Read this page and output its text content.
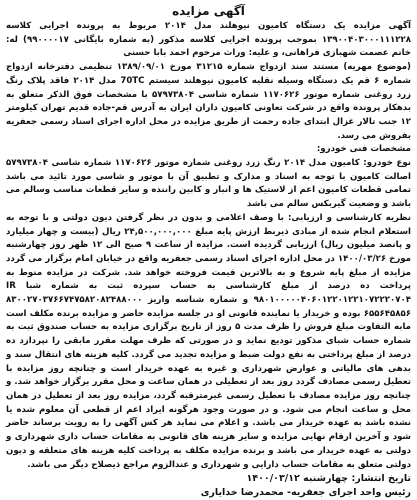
آگهی مزایده

آگهی مزایده یک دستگاه کامیون نیوهلند مدل ۲۰۱۴ مربوط به پرونده اجرایی کلاسه ۱۳۹۰۰۴۰۳۰۰۰۱۱۱۲۲۸ بموجب پرونده اجرایی کلاسه مذکور (به شماره بایگانی ۹۹۰۰۰۰۱۷) له: خانم عصمت شهبازی فراهانی، و علیه: وراث مرحوم احمد بابا حسنی

(موضوع مهریه) مستند سند ازدواج شماره ۳۱۲۱۵ مورخ ۱۳۸۹/۰۹/۰۱ تنظیمی دفترخانه ازدواج شماره ۶ قم یک دستگاه وسیله نقلیه کامیون نیوهلند سیستم 70TC مدل ۲۰۱۴ فاقد پلاک رنگ زرد روغنی شماره موتور ۱۱۷۰۶۲۶ شماره شاسی ۵۷۹۷۳۸۰۴ با مشخصات فوق الذکر متعلق به بدهکار پرونده واقع در شرکت تعاونی کامیون داران ایران به آدرس قم-جاده قدیم تهران کیلومتر ۱۲ جنب تالار غزال ابتدای جاده رحمت از طریق مزایده در محل اداره اجرای اسناد رسمی جعفریه بفروش می رسد.

مشخصات فنی خودرو:

نوع خودرو: کامیون مدل ۲۰۱۴ رنگ زرد روغنی شماره موتور ۱۱۷۰۶۲۶ شماره شاسی ۵۷۹۷۳۸۰۴ اصالت کامیون با توجه به اسناد و مدارک و تطبیق آن با موتور و شاسی مورد تائید می باشد تمامی قطعات کامیون اعم از لاستیک ها و انبار و کابین راننده و سایر قطعات مناسب وسالم می باشد و وضعیت گیربکس سالم می باشد

نظریه کارشناسی و ارزیابی: با وصف اعلامی و بدون در نظر گرفتن دیون دولتی و با توجه به استعلام انجام شده از مبادی ذیربط ارزش پایه مبلغ ۲۴,۵۰۰,۰۰۰,۰۰۰ ریال (بیست و چهار میلیارد و پانصد میلیون ریال) ارزیابی گردیده است. مزایده از ساعت ۹ صبح الی ۱۲ ظهر روز چهارشنبه مورخ ۱۴۰۰/۰۳/۲۶ در محل اداره اجرای اسناد رسمی جعفریه واقع در خیابان امام برگزار می گردد مزایده از مبلغ پایه شروع و به بالاترین قیمت فروخته خواهد شد. شرکت در مزایده منوط به پرداخت ده درصد از مبلغ کارشناسی به حساب سپرده ثبت به شماره شبا IR ۹۸۰۱۰۰۰۰۰۴۰۶۰۱۲۲۰۱۲۲۱۰۷۲۲۲۰۷۰۴ و شماره شناسه واریز ۸۳۰۰۲۷۰۳۷۶۶۷۴۷۵۸۲۰۸۲۴۸۸۰۰۰ ۶۵۵۶۴۵۸۵۶ بوده و خریدار یا نماینده قانونی او در جلسه مزایده حاضر و مزایده برنده مکلف است مابه التفاوت مبلغ فروش را ظرف مدت ۵ روز از تاریخ برگزاری مزایده به حساب صندوق ثبت به شماره حساب شبای مذکور تودیع نماید و در صورتی که ظرف مهلت مقرر مابقی را نپردازد ده درصد از مبلغ پرداختی به نفع دولت ضبط و مزایده تجدید می گردد. کلیه هزینه های انتقال سند و بدهی های مالیاتی و عوارض شهرداری و غیره به عهده خریدار است و چنانچه روز مزایده با تعطیل رسمی مصادف گردد روز بعد از تعطیلی در همان ساعت و محل مقرر برگزار خواهد شد. و چنانچه روز مزایده مصادف با تعطیل رسمی غیرمترقبه گردد، مزایده روز بعد از تعطیل در همان محل و ساعت انجام می شود. و در صورت وجود هرگونه ایراد اعم از قطعی آن معلوم شده یا نشده باشد به عهده خریدار می باشد. و اعلام می نماید هر کس آگهی را به رویت برساند حاضر شود و آخرین ارقام نهایی مزایده و سایر هزینه های قانونی به مقامات حساب داری شهرداری و دولتی به عهده خریدار می باشد و برنده مزایده مکلف به پرداخت کلیه هزینه های متعلقه و دیون دولتی متعلق به مقامات حساب دارایی و شهرداری و عندالزوم مراجع ذیصلاح دیگر می باشد.

تاریخ انتشار: چهارشنبه ۱۴۰۰/۰۳/۱۲

رئیس واحد اجرای جعفریه- محمدرضا خدایاری
